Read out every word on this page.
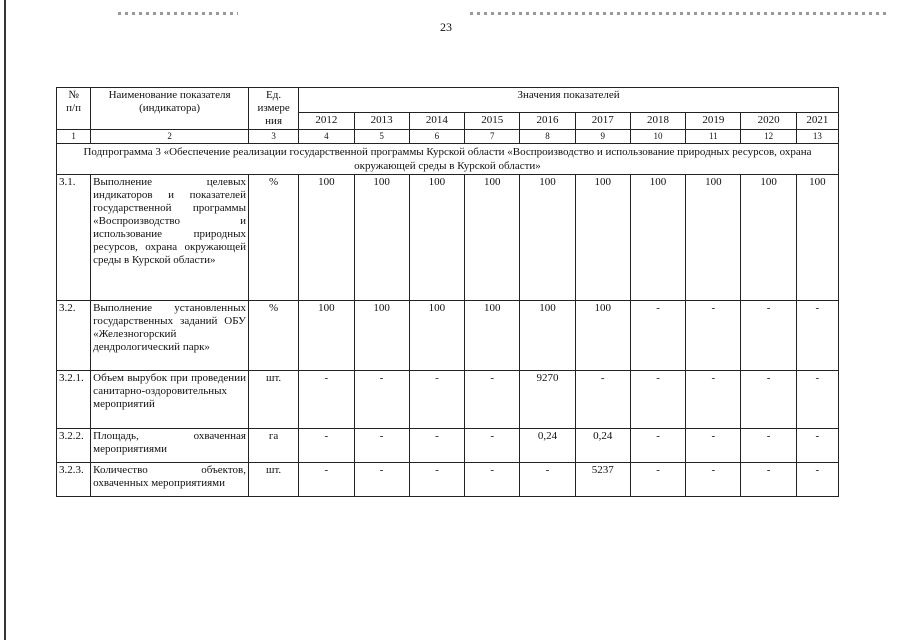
23
№
п/п	Наименование показателя (индикатора)	Ед. измере ния	Значения показателей									
			2012	2013	2014	2015	2016	2017	2018	2019	2020	2021
1	2	3	4	5	6	7	8	9	10	11	12	13
Подпрограмма 3 «Обеспечение реализации государственной программы Курской области «Воспроизводство и использование природных ресурсов, охрана окружающей среды в Курской области»												
3.1.	Выполнение целевых индикаторов и показателей государственной программы «Воспроизводство и использование природных ресурсов, охрана окружающей среды в Курской области»	%	100	100	100	100	100	100	100	100	100	100
3.2.	Выполнение установленных государственных заданий ОБУ «Железногорский дендрологический парк»	%	100	100	100	100	100	100	-	-	-	-
3.2.1.	Объем вырубок при проведении санитарно-оздоровительных мероприятий	шт.	-	-	-	-	9270	-	-	-	-	-
3.2.2.	Площадь, охваченная мероприятиями	га	-	-	-	-	0,24	0,24	-	-	-	-
3.2.3.	Количество объектов, охваченных мероприятиями	шт.	-	-	-	-	-	5237	-	-	-	-
